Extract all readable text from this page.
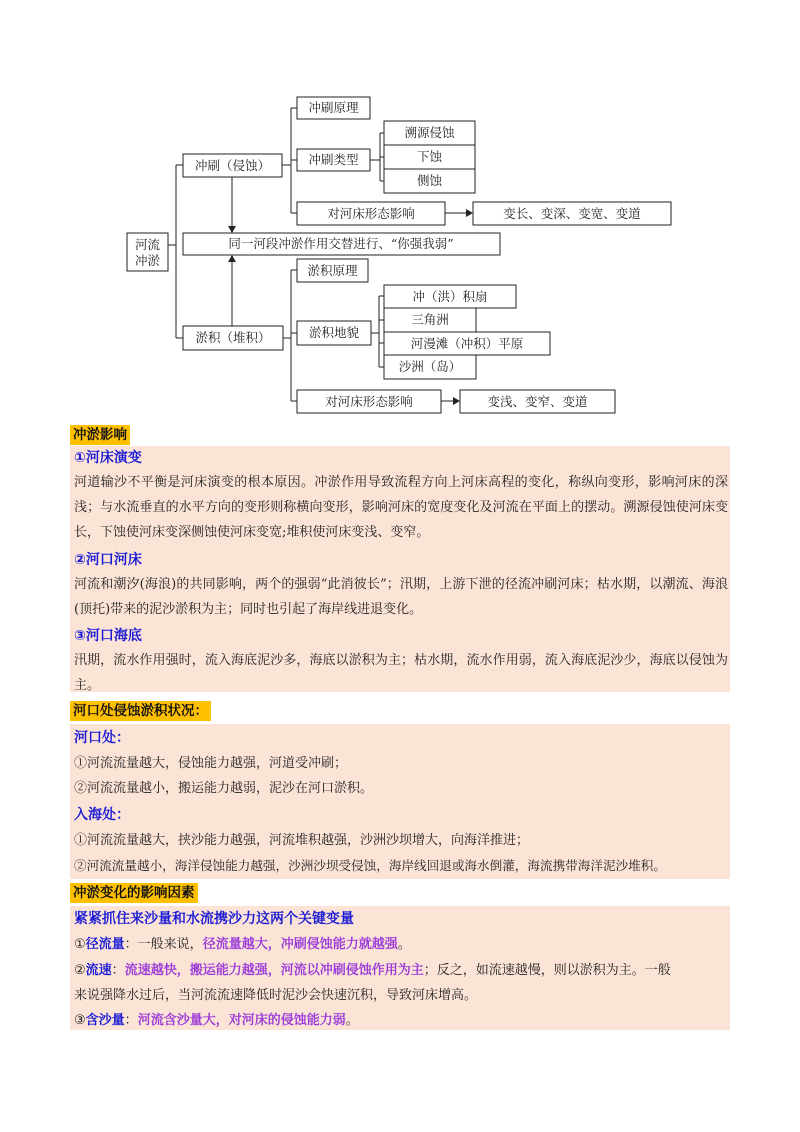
河流
冲淤
同一河段冲淤作用交替进行、“你强我弱”
冲刷（侵蚀）
冲刷原理
冲刷类型
溯源侵蚀
下蚀
侧蚀
对河床形态影响	变长、变深、变宽、变道
淤积（堆积）
淤积原理
淤积地貌
冲（洪）积扇
三角洲
河漫滩（冲积）平原
沙洲（岛）
对河床形态影响	变浅、变窄、变道
冲淤影响
①河床演变
河道输沙不平衡是河床演变的根本原因。冲淤作用导致流程方向上河床高程的变化，称纵向变形，影响河床的深浅；与水流垂直的水平方向的变形则称横向变形，影响河床的宽度变化及河流在平面上的摆动。溯源侵蚀使河床变长，下蚀使河床变深侧蚀使河床变宽;堆积使河床变浅、变窄。
②河口河床
河流和潮汐(海浪)的共同影响，两个的强弱“此消彼长”；汛期，上游下泄的径流冲刷河床；枯水期，以潮流、海浪(顶托)带来的泥沙淤积为主；同时也引起了海岸线进退变化。
③河口海底
汛期，流水作用强时，流入海底泥沙多，海底以淤积为主；枯水期，流水作用弱，流入海底泥沙少，海底以侵蚀为主。
河口处侵蚀淤积状况：
河口处：
①河流流量越大，侵蚀能力越强，河道受冲刷；
②河流流量越小，搬运能力越弱，泥沙在河口淤积。
入海处：
①河流流量越大，挟沙能力越强，河流堆积越强，沙洲沙坝增大，向海洋推进；
②河流流量越小，海洋侵蚀能力越强，沙洲沙坝受侵蚀，海岸线回退或海水倒灌，海流携带海洋泥沙堆积。
冲淤变化的影响因素
紧紧抓住来沙量和水流携沙力这两个关键变量
①径流量：一般来说，径流量越大，冲刷侵蚀能力就越强。
②流速：流速越快，搬运能力越强，河流以冲刷侵蚀作用为主；反之，如流速越慢，则以淤积为主。一般
来说强降水过后，当河流流速降低时泥沙会快速沉积，导致河床增高。
③含沙量：河流含沙量大，对河床的侵蚀能力弱。
